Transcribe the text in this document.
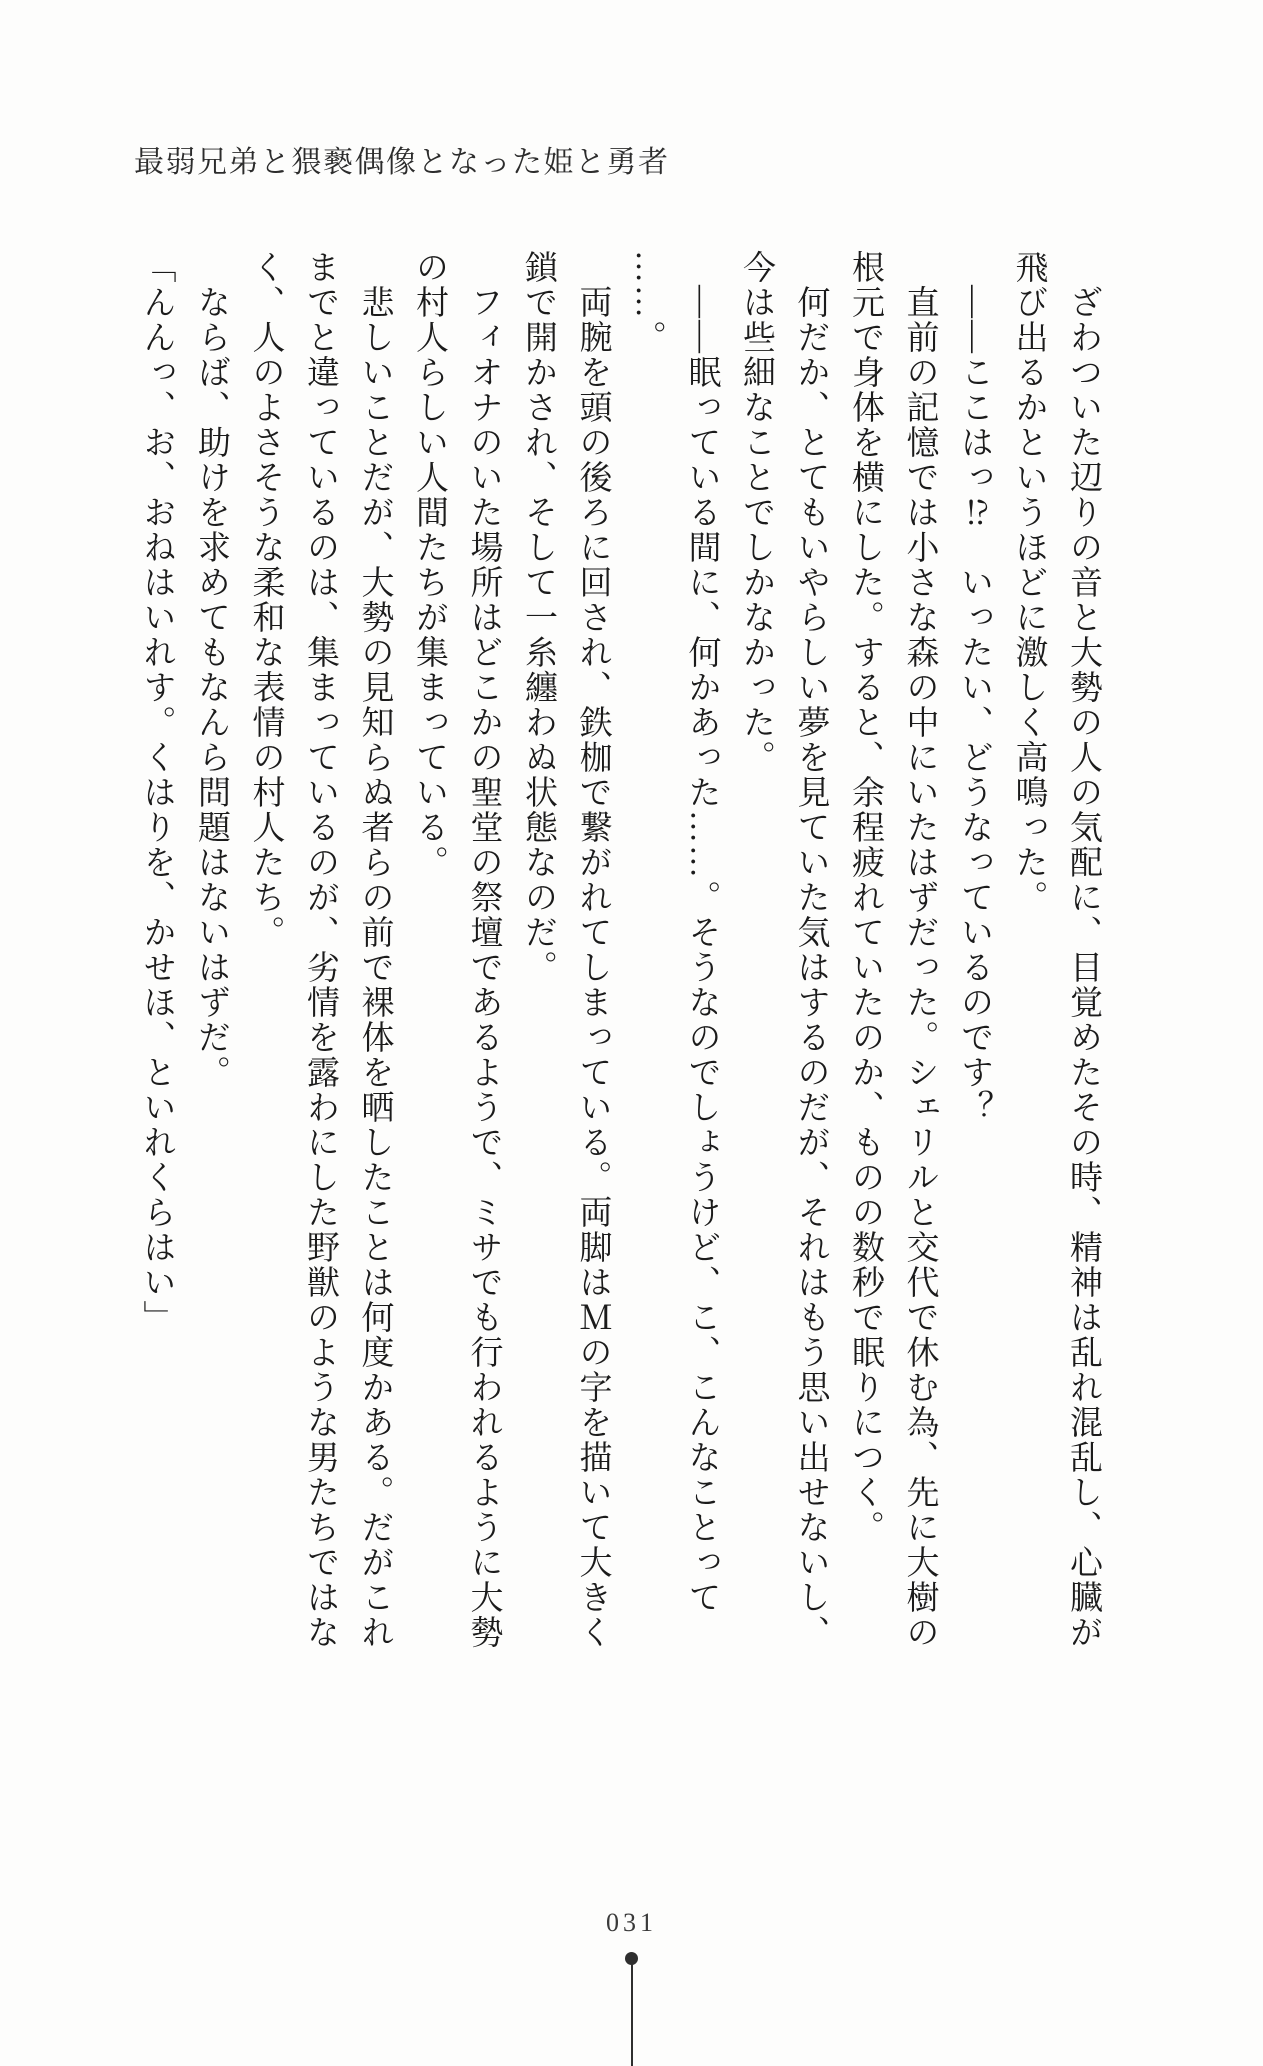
最弱兄弟と猥褻偶像となった姫と勇者

　ざわついた辺りの音と大勢の人の気配に、目覚めたその時、精神は乱れ混乱し、心臓が

飛び出るかというほどに激しく高鳴った。

　――ここはっ⁉　いったい、どうなっているのです？

　直前の記憶では小さな森の中にいたはずだった。シェリルと交代で休む為、先に大樹の

根元で身体を横にした。すると、余程疲れていたのか、ものの数秒で眠りにつく。

　何だか、とてもいやらしい夢を見ていた気はするのだが、それはもう思い出せないし、

今は些細なことでしかなかった。

　――眠っている間に、何かあった……。そうなのでしょうけど、こ、こんなことって

……。

　両腕を頭の後ろに回され、鉄枷で繋がれてしまっている。両脚はＭの字を描いて大きく

鎖で開かされ、そして一糸纏わぬ状態なのだ。

　フィオナのいた場所はどこかの聖堂の祭壇であるようで、ミサでも行われるように大勢

の村人らしい人間たちが集まっている。

　悲しいことだが、大勢の見知らぬ者らの前で裸体を晒したことは何度かある。だがこれ

までと違っているのは、集まっているのが、劣情を露わにした野獣のような男たちではな

く、人のよさそうな柔和な表情の村人たち。

　ならば、助けを求めてもなんら問題はないはずだ。

「んんっ、お、おねはいれす。くはりを、かせほ、といれくらはい」

031
